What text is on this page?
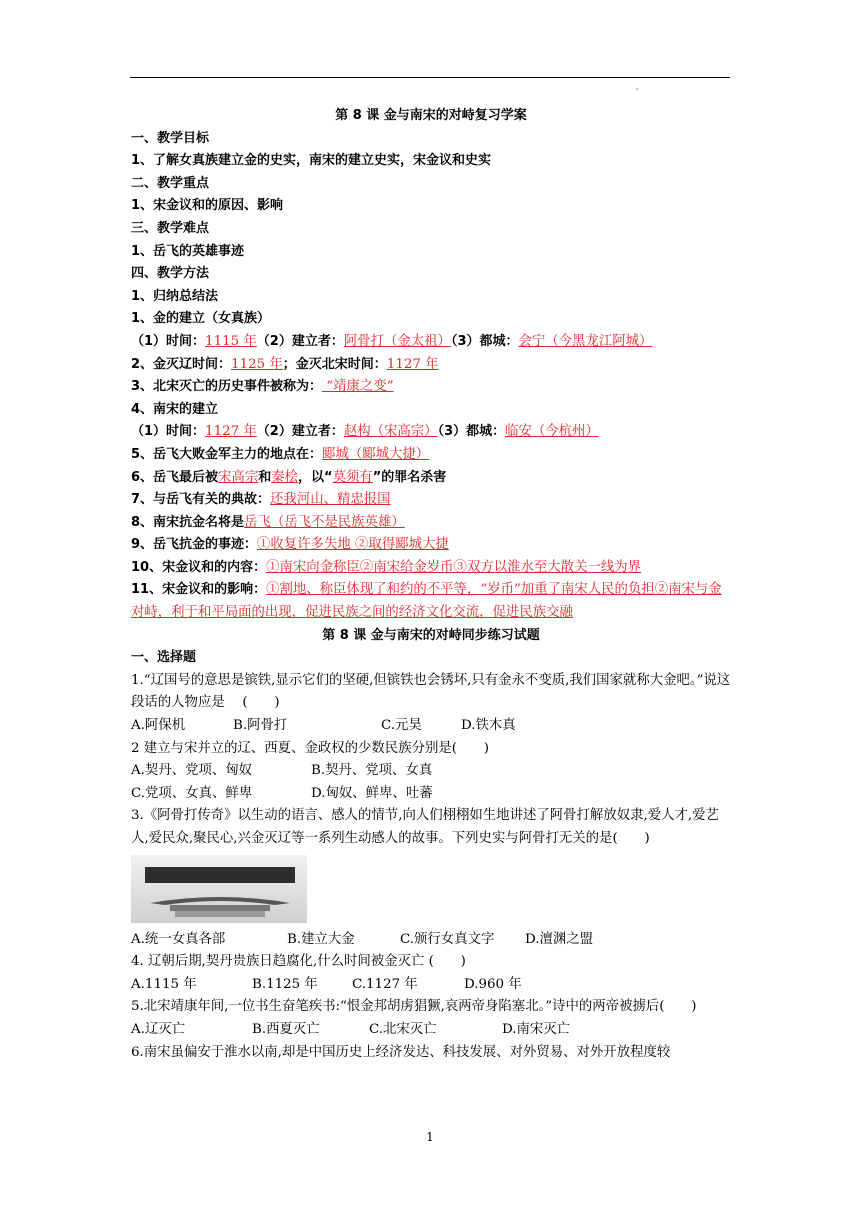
'
第 8 课 金与南宋的对峙复习学案
一、教学目标
1、了解女真族建立金的史实，南宋的建立史实，宋金议和史实
二、教学重点
1、宋金议和的原因、影响
三、教学难点
1、岳飞的英雄事迹
四、教学方法
1、归纳总结法
1、金的建立（女真族）
（1）时间：1115 年（2）建立者：阿骨打（金太祖）（3）都城：会宁（今黑龙江阿城）
2、金灭辽时间：1125 年；金灭北宋时间：1127 年
3、北宋灭亡的历史事件被称为： “靖康之变”
4、南宋的建立
（1）时间：1127 年（2）建立者：赵构（宋高宗）（3）都城：临安（今杭州）
5、岳飞大败金军主力的地点在：郾城（郾城大捷）
6、岳飞最后被宋高宗和秦桧，以“莫须有”的罪名杀害
7、与岳飞有关的典故：还我河山、精忠报国
8、南宋抗金名将是岳飞（岳飞不是民族英雄）
9、岳飞抗金的事迹：①收复许多失地 ②取得郾城大捷
10、宋金议和的内容：①南宋向金称臣②南宋给金岁币③双方以淮水至大散关一线为界
11、宋金议和的影响：①割地、称臣体现了和约的不平等，“岁币”加重了南宋人民的负担②南宋与金对峙，利于和平局面的出现，促进民族之间的经济文化交流，促进民族交融
第 8 课 金与南宋的对峙同步练习试题
一、选择题
1.“辽国号的意思是镔铁,显示它们的坚硬,但镔铁也会锈坏,只有金永不变质,我们国家就称大金吧。”说这段话的人物应是　 (　　)
A.阿保机	B.阿骨打	C.元昊	D.铁木真
2 建立与宋并立的辽、西夏、金政权的少数民族分别是(　　)
A.契丹、党项、匈奴	B.契丹、党项、女真
C.党项、女真、鲜卑	D.匈奴、鲜卑、吐蕃
3.《阿骨打传奇》以生动的语言、感人的情节,向人们栩栩如生地讲述了阿骨打解放奴隶,爱人才,爱艺人,爱民众,聚民心,兴金灭辽等一系列生动感人的故事。下列史实与阿骨打无关的是(　　)
A.统一女真各部	B.建立大金	C.颁行女真文字 D.澶渊之盟
4. 辽朝后期,契丹贵族日趋腐化,什么时间被金灭亡 (　　)
A.1115 年	B.1125 年	C.1127 年	D.960 年
5.北宋靖康年间,一位书生奋笔疾书:“恨金邦胡虏猖獗,哀两帝身陷塞北。”诗中的两帝被掳后(　　)
A.辽灭亡	B.西夏灭亡	C.北宋灭亡	D.南宋灭亡
6.南宋虽偏安于淮水以南,却是中国历史上经济发达、科技发展、对外贸易、对外开放程度较
1
